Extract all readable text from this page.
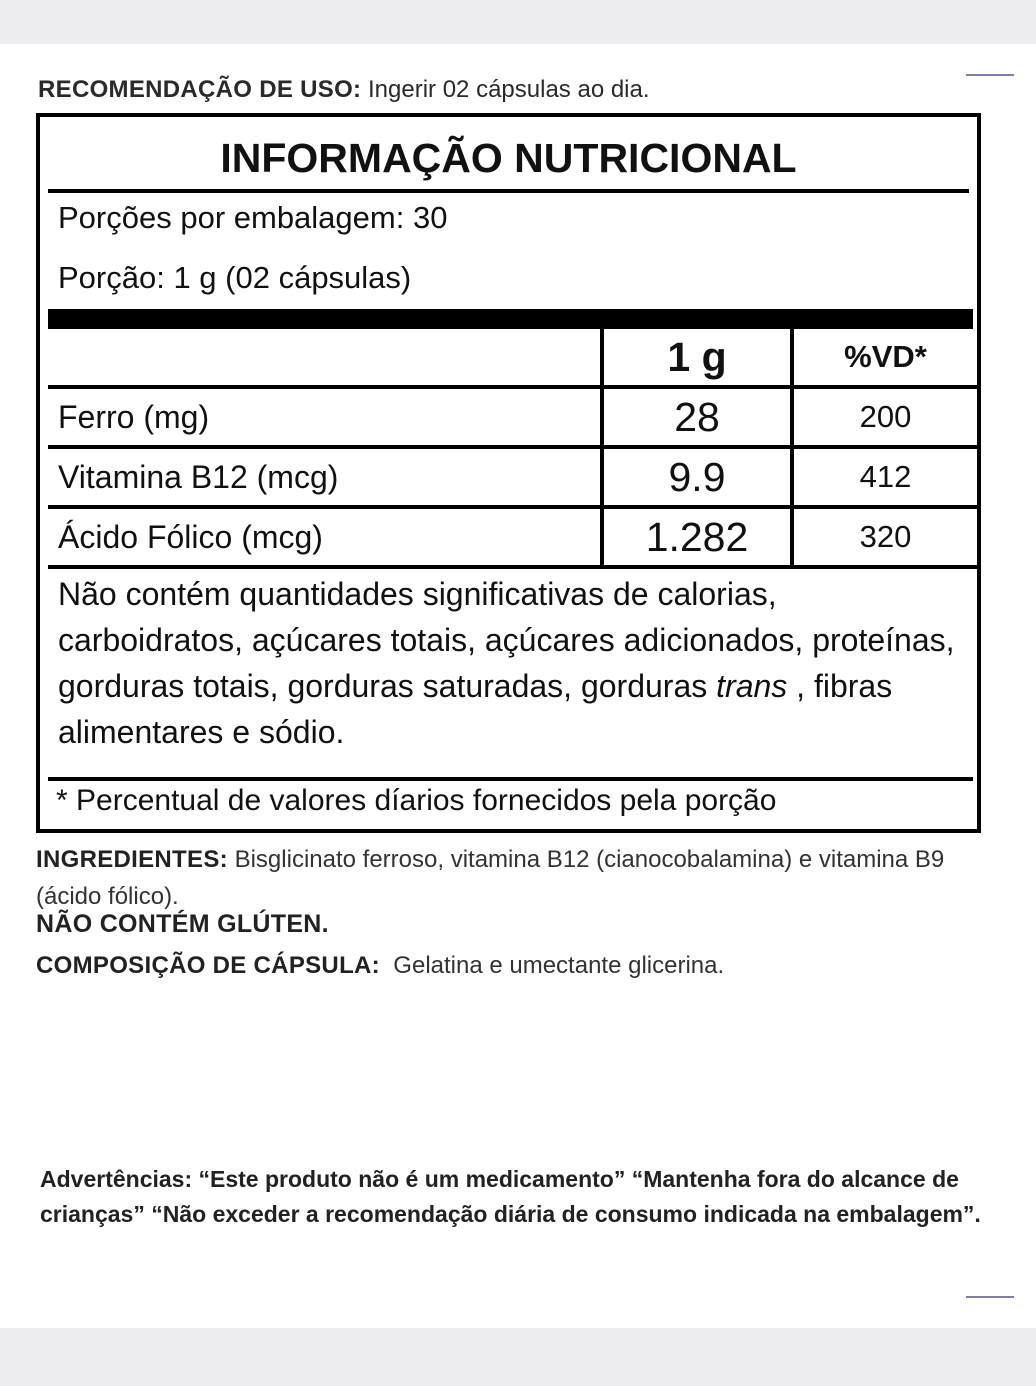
RECOMENDAÇÃO DE USO: Ingerir 02 cápsulas ao dia.
INFORMAÇÃO NUTRICIONAL
Porções por embalagem: 30
Porção: 1 g (02 cápsulas)
	1 g	%VD*
Ferro (mg)	28	200
Vitamina B12 (mcg)	9.9	412
Ácido Fólico (mcg)	1.282	320
Não contém quantidades significativas de calorias, carboidratos, açúcares totais, açúcares adicionados, proteínas, gorduras totais, gorduras saturadas, gorduras trans , fibras alimentares e sódio.
* Percentual de valores díarios fornecidos pela porção
INGREDIENTES: Bisglicinato ferroso, vitamina B12 (cianocobalamina) e vitamina B9 (ácido fólico).
NÃO CONTÉM GLÚTEN.
COMPOSIÇÃO DE CÁPSULA: Gelatina e umectante glicerina.
Advertências: “Este produto não é um medicamento” “Mantenha fora do alcance de crianças” “Não exceder a recomendação diária de consumo indicada na embalagem”.
